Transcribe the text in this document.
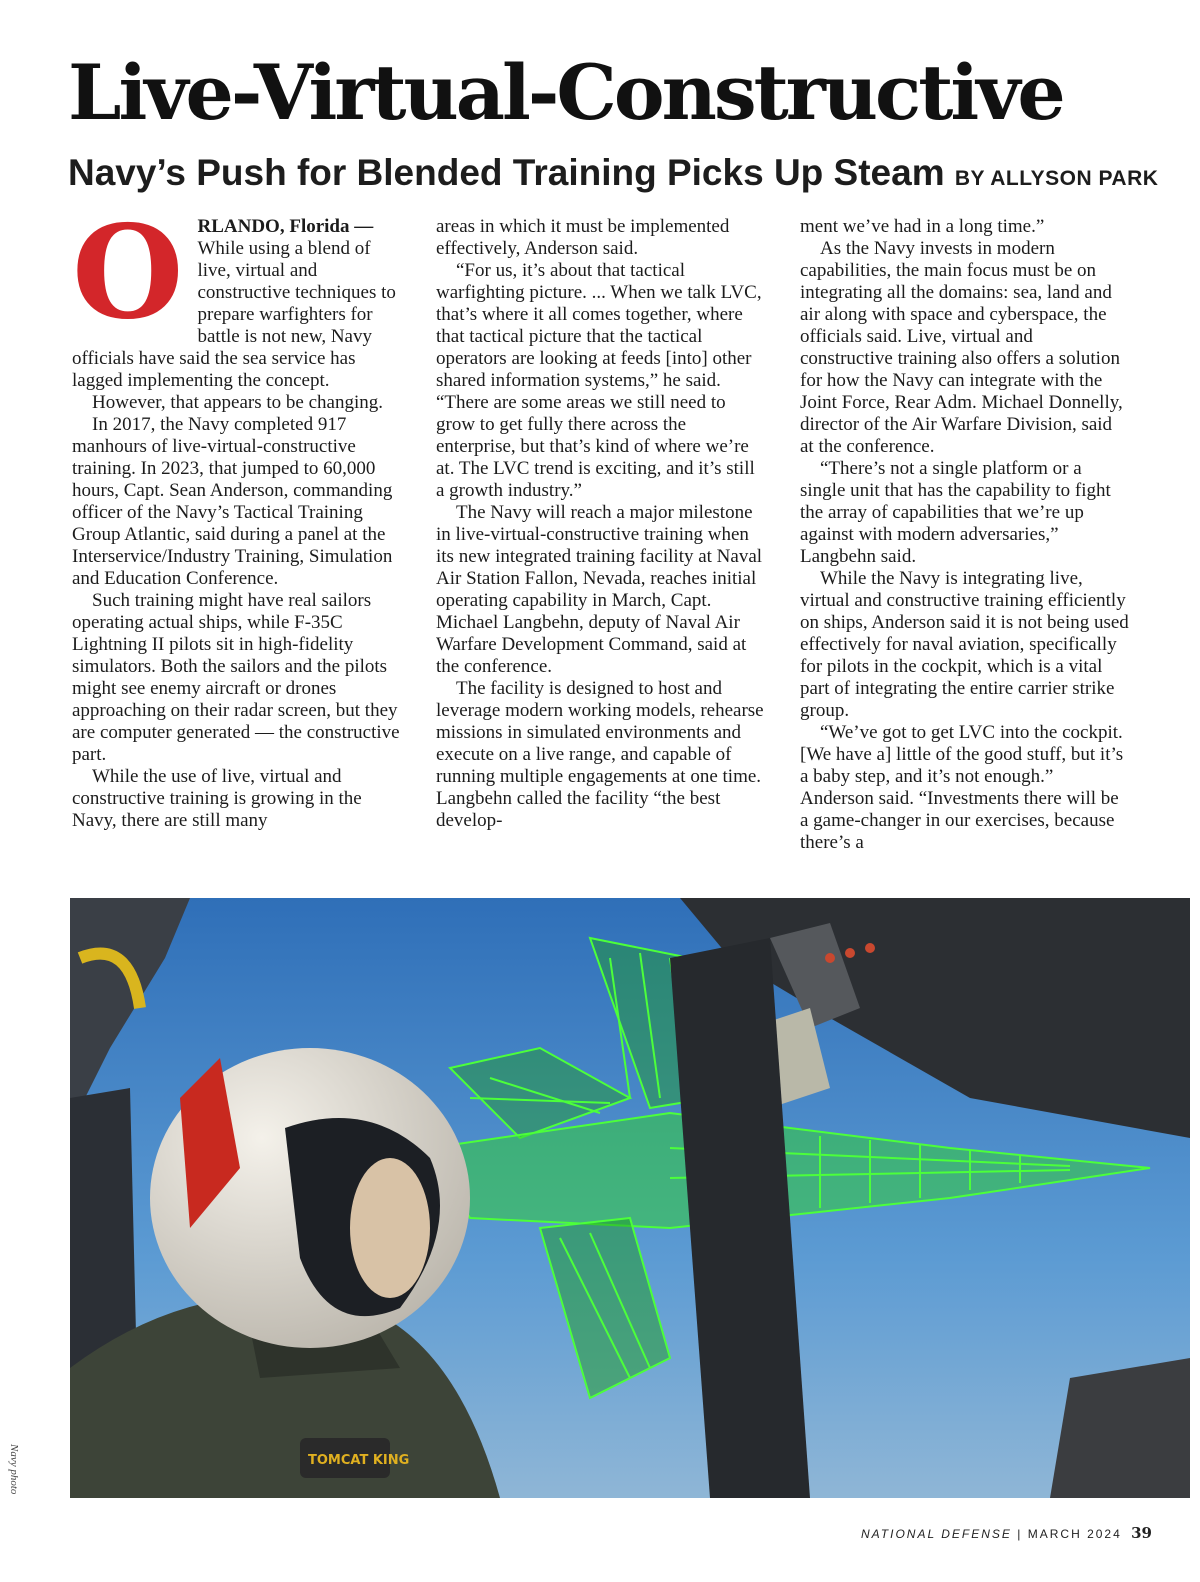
Live-Virtual-Constructive
Navy’s Push for Blended Training Picks Up Steam BY ALLYSON PARK
O RLANDO, Florida — While using a blend of live, virtual and constructive techniques to prepare warfighters for battle is not new, Navy officials have said the sea service has lagged implementing the concept.

However, that appears to be changing.

In 2017, the Navy completed 917 manhours of live-virtual-constructive training. In 2023, that jumped to 60,000 hours, Capt. Sean Anderson, commanding officer of the Navy’s Tactical Training Group Atlantic, said during a panel at the Interservice/Industry Training, Simulation and Education Conference.

Such training might have real sailors operating actual ships, while F-35C Lightning II pilots sit in high-fidelity simulators. Both the sailors and the pilots might see enemy aircraft or drones approaching on their radar screen, but they are computer generated — the constructive part.

While the use of live, virtual and constructive training is growing in the Navy, there are still many

areas in which it must be implemented effectively, Anderson said.

“For us, it’s about that tactical warfighting picture. ... When we talk LVC, that’s where it all comes together, where that tactical picture that the tactical operators are looking at feeds [into] other shared information systems,” he said. “There are some areas we still need to grow to get fully there across the enterprise, but that’s kind of where we’re at. The LVC trend is exciting, and it’s still a growth industry.”

The Navy will reach a major milestone in live-virtual-constructive training when its new integrated training facility at Naval Air Station Fallon, Nevada, reaches initial operating capability in March, Capt. Michael Langbehn, deputy of Naval Air Warfare Development Command, said at the conference.

The facility is designed to host and leverage modern working models, rehearse missions in simulated environments and execute on a live range, and capable of running multiple engagements at one time. Langbehn called the facility “the best develop-

ment we’ve had in a long time.”

As the Navy invests in modern capabilities, the main focus must be on integrating all the domains: sea, land and air along with space and cyberspace, the officials said. Live, virtual and constructive training also offers a solution for how the Navy can integrate with the Joint Force, Rear Adm. Michael Donnelly, director of the Air Warfare Division, said at the conference.

“There’s not a single platform or a single unit that has the capability to fight the array of capabilities that we’re up against with modern adversaries,” Langbehn said.

While the Navy is integrating live, virtual and constructive training efficiently on ships, Anderson said it is not being used effectively for naval aviation, specifically for pilots in the cockpit, which is a vital part of integrating the entire carrier strike group.

“We’ve got to get LVC into the cockpit. [We have a] little of the good stuff, but it’s a baby step, and it’s not enough.” Anderson said. “Investments there will be a game-changer in our exercises, because there’s a

TOMCAT KING
Navy photo
NATIONAL DEFENSE | MARCH 2024 39
